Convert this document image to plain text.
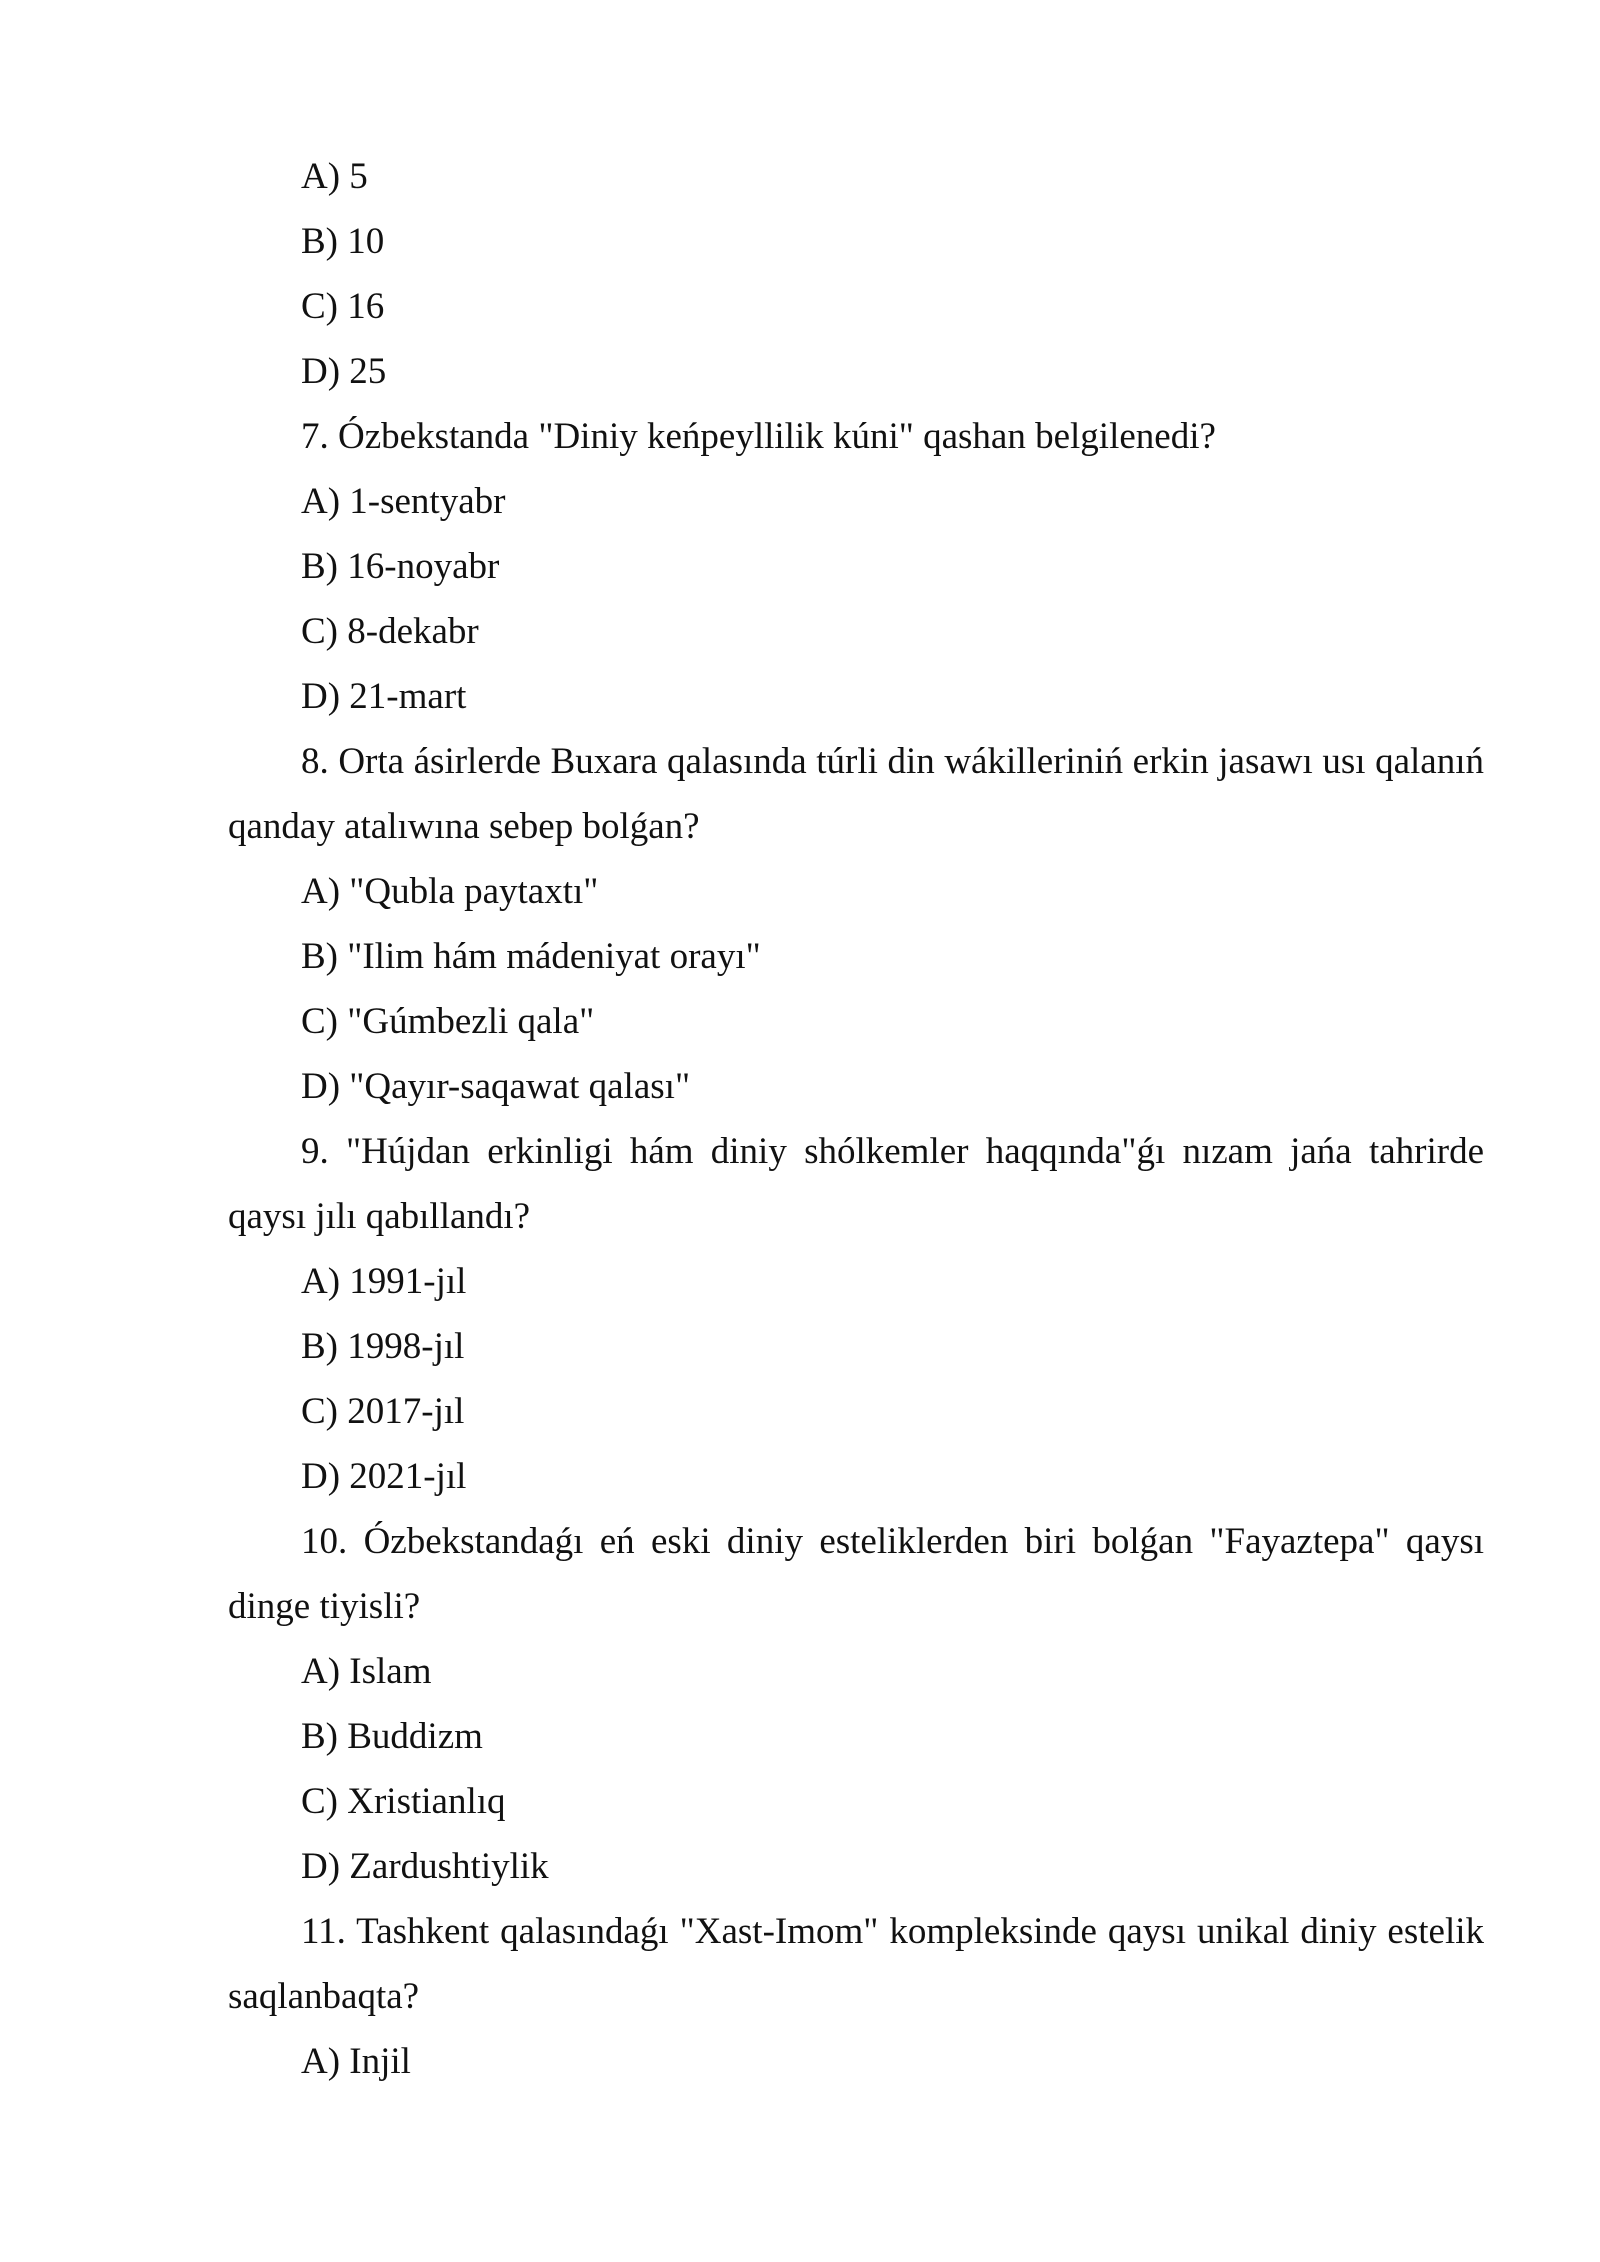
A) 5

B) 10

C) 16

D) 25

7. Ózbekstanda "Diniy keńpeyllilik kúni" qashan belgilenedi?

A) 1-sentyabr

B) 16-noyabr

C) 8-dekabr

D) 21-mart

8. Orta ásirlerde Buxara qalasında túrli din wákilleriniń erkin jasawı usı qalanıń qanday atalıwına sebep bolǵan?

A) "Qubla paytaxtı"

B) "Ilim hám mádeniyat orayı"

C) "Gúmbezli qala"

D) "Qayır-saqawat qalası"

9. "Hújdan erkinligi hám diniy shólkemler haqqında"ǵı nızam jańa tahrirde qaysı jılı qabıllandı?

A) 1991-jıl

B) 1998-jıl

C) 2017-jıl

D) 2021-jıl

10. Ózbekstandaǵı eń eski diniy esteliklerden biri bolǵan "Fayaztepa" qaysı dinge tiyisli?

A) Islam

B) Buddizm

C) Xristianlıq

D) Zardushtiylik

11. Tashkent qalasındaǵı "Xast-Imom" kompleksinde qaysı unikal diniy estelik saqlanbaqta?

A) Injil
